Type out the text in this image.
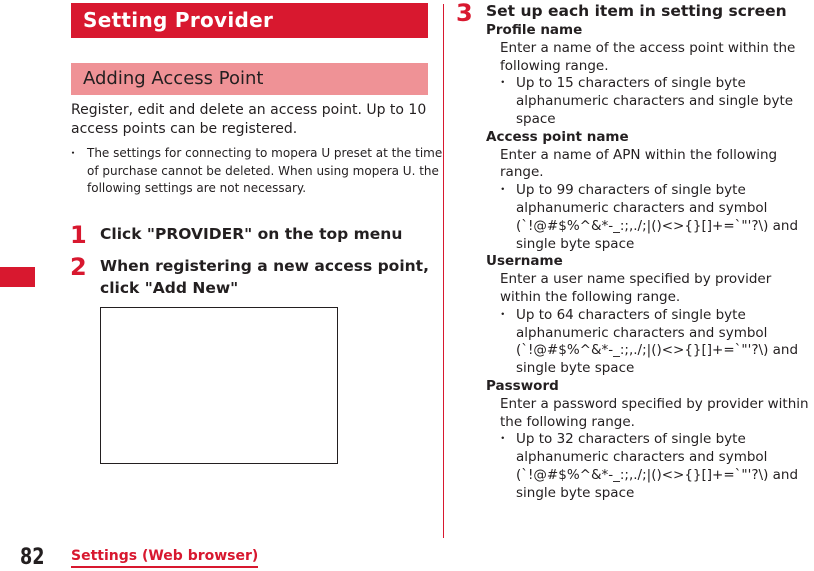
Setting Provider
Adding Access Point
Register, edit and delete an access point. Up to 10 access points can be registered.
・ The settings for connecting to mopera U preset at the time of purchase cannot be deleted. When using mopera U. the following settings are not necessary.
1 Click "PROVIDER" on the top menu
2 When registering a new access point, click "Add New"
3 Set up each item in setting screen
Profile name
Enter a name of the access point within the following range.
・ Up to 15 characters of single byte alphanumeric characters and single byte space
Access point name
Enter a name of APN within the following range.
・ Up to 99 characters of single byte alphanumeric characters and symbol (`!@#$%^&*-_:;,./;|()<>{}[]+=`"'?\) and single byte space
Username
Enter a user name specified by provider within the following range.
・ Up to 64 characters of single byte alphanumeric characters and symbol (`!@#$%^&*-_:;,./;|()<>{}[]+=`"'?\) and single byte space
Password
Enter a password specified by provider within the following range.
・ Up to 32 characters of single byte alphanumeric characters and symbol (`!@#$%^&*-_:;,./;|()<>{}[]+=`"'?\) and single byte space
82 Settings (Web browser)
